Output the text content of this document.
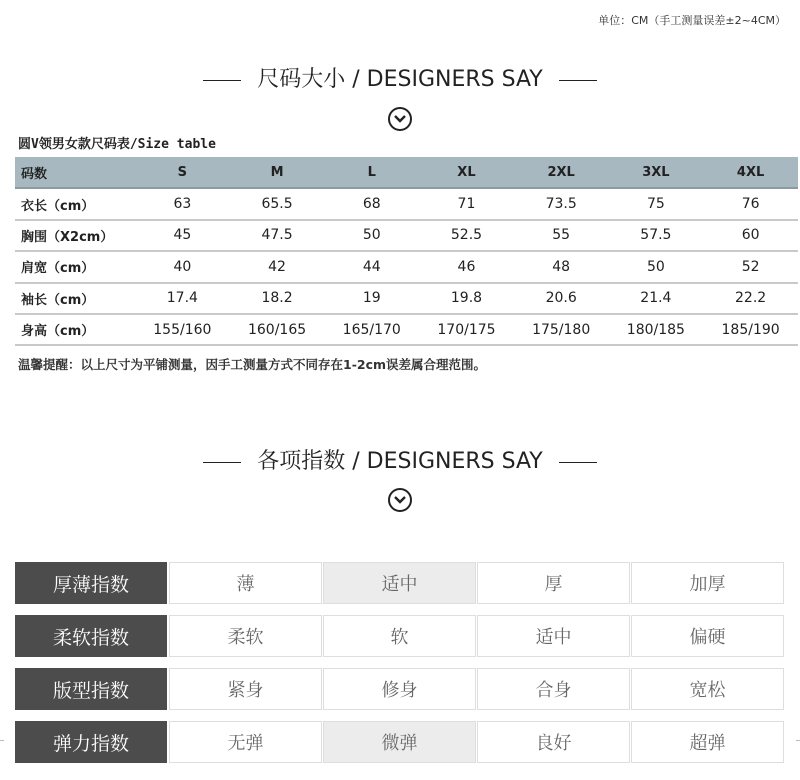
单位：CM（手工测量误差±2~4CM）
尺码大小 / DESIGNERS SAY
圆V领男女款尺码表/Size table
码数	S	M	L	XL	2XL	3XL	4XL
衣长（cm）	63	65.5	68	71	73.5	75	76
胸围（X2cm）	45	47.5	50	52.5	55	57.5	60
肩宽（cm）	40	42	44	46	48	50	52
袖长（cm）	17.4	18.2	19	19.8	20.6	21.4	22.2
身高（cm）	155/160	160/165	165/170	170/175	175/180	180/185	185/190
温馨提醒：以上尺寸为平铺测量，因手工测量方式不同存在1-2cm误差属合理范围。
各项指数 / DESIGNERS SAY
厚薄指数	薄	适中	厚	加厚
柔软指数	柔软	软	适中	偏硬
版型指数	紧身	修身	合身	宽松
弹力指数	无弹	微弹	良好	超弹
